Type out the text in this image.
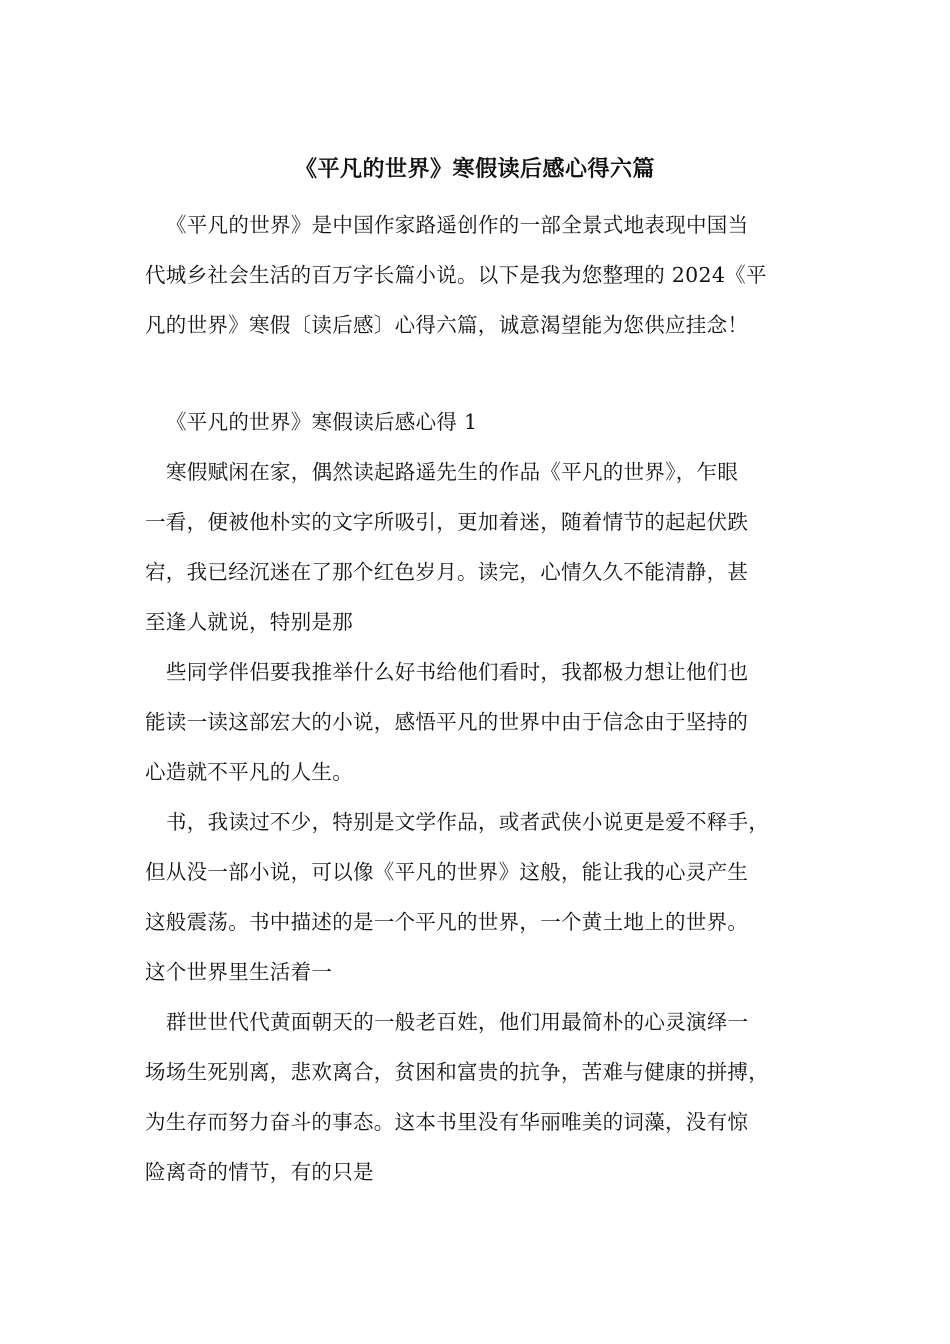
《平凡的世界》寒假读后感心得六篇
《平凡的世界》是中国作家路遥创作的一部全景式地表现中国当
代城乡社会生活的百万字长篇小说。以下是我为您整理的 2024《平
凡的世界》寒假〔读后感〕心得六篇，诚意渴望能为您供应挂念！
《平凡的世界》寒假读后感心得 1
寒假赋闲在家，偶然读起路遥先生的作品《平凡的世界》，乍眼
一看，便被他朴实的文字所吸引，更加着迷，随着情节的起起伏跌
宕，我已经沉迷在了那个红色岁月。读完，心情久久不能清静，甚
至逢人就说，特别是那
些同学伴侣要我推举什么好书给他们看时，我都极力想让他们也
能读一读这部宏大的小说，感悟平凡的世界中由于信念由于坚持的
心造就不平凡的人生。
书，我读过不少，特别是文学作品，或者武侠小说更是爱不释手，
但从没一部小说，可以像《平凡的世界》这般，能让我的心灵产生
这般震荡。书中描述的是一个平凡的世界，一个黄土地上的世界。
这个世界里生活着一
群世世代代黄面朝天的一般老百姓，他们用最简朴的心灵演绎一
场场生死别离，悲欢离合，贫困和富贵的抗争，苦难与健康的拼搏，
为生存而努力奋斗的事态。这本书里没有华丽唯美的词藻，没有惊
险离奇的情节，有的只是
